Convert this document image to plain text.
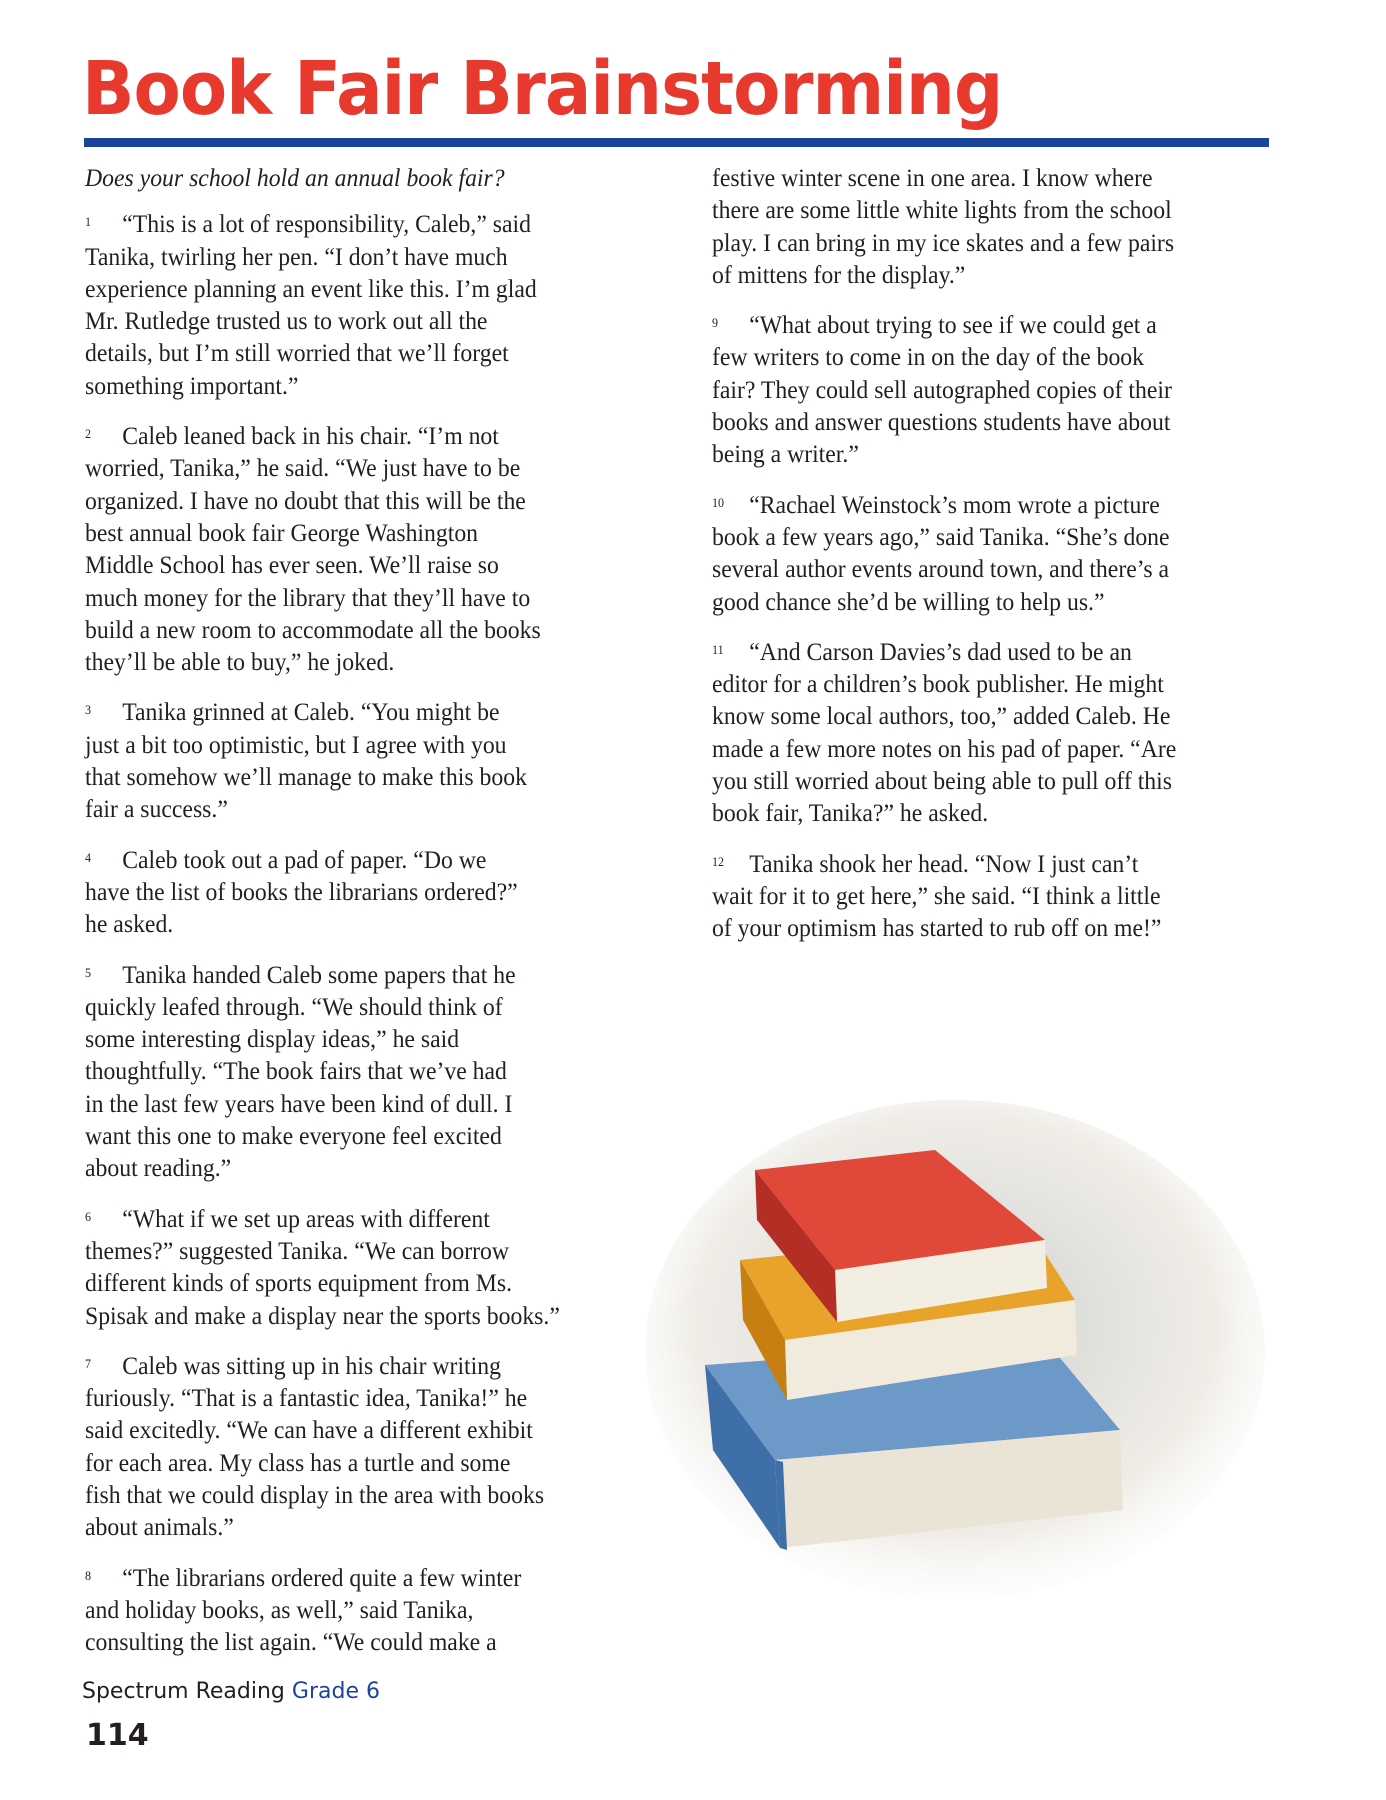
Book Fair Brainstorming
Does your school hold an annual book fair?
1 “This is a lot of responsibility, Caleb,” said
Tanika, twirling her pen. “I don’t have much
experience planning an event like this. I’m glad
Mr. Rutledge trusted us to work out all the
details, but I’m still worried that we’ll forget
something important.”
2 Caleb leaned back in his chair. “I’m not
worried, Tanika,” he said. “We just have to be
organized. I have no doubt that this will be the
best annual book fair George Washington
Middle School has ever seen. We’ll raise so
much money for the library that they’ll have to
build a new room to accommodate all the books
they’ll be able to buy,” he joked.
3 Tanika grinned at Caleb. “You might be
just a bit too optimistic, but I agree with you
that somehow we’ll manage to make this book
fair a success.”
4 Caleb took out a pad of paper. “Do we
have the list of books the librarians ordered?”
he asked.
5 Tanika handed Caleb some papers that he
quickly leafed through. “We should think of
some interesting display ideas,” he said
thoughtfully. “The book fairs that we’ve had
in the last few years have been kind of dull. I
want this one to make everyone feel excited
about reading.”
6 “What if we set up areas with different
themes?” suggested Tanika. “We can borrow
different kinds of sports equipment from Ms.
Spisak and make a display near the sports books.”
7 Caleb was sitting up in his chair writing
furiously. “That is a fantastic idea, Tanika!” he
said excitedly. “We can have a different exhibit
for each area. My class has a turtle and some
fish that we could display in the area with books
about animals.”
8 “The librarians ordered quite a few winter
and holiday books, as well,” said Tanika,
consulting the list again. “We could make a
festive winter scene in one area. I know where
there are some little white lights from the school
play. I can bring in my ice skates and a few pairs
of mittens for the display.”
9 “What about trying to see if we could get a
few writers to come in on the day of the book
fair? They could sell autographed copies of their
books and answer questions students have about
being a writer.”
10 “Rachael Weinstock’s mom wrote a picture
book a few years ago,” said Tanika. “She’s done
several author events around town, and there’s a
good chance she’d be willing to help us.”
11 “And Carson Davies’s dad used to be an
editor for a children’s book publisher. He might
know some local authors, too,” added Caleb. He
made a few more notes on his pad of paper. “Are
you still worried about being able to pull off this
book fair, Tanika?” he asked.
12 Tanika shook her head. “Now I just can’t
wait for it to get here,” she said. “I think a little
of your optimism has started to rub off on me!”
Spectrum Reading Grade 6
114
